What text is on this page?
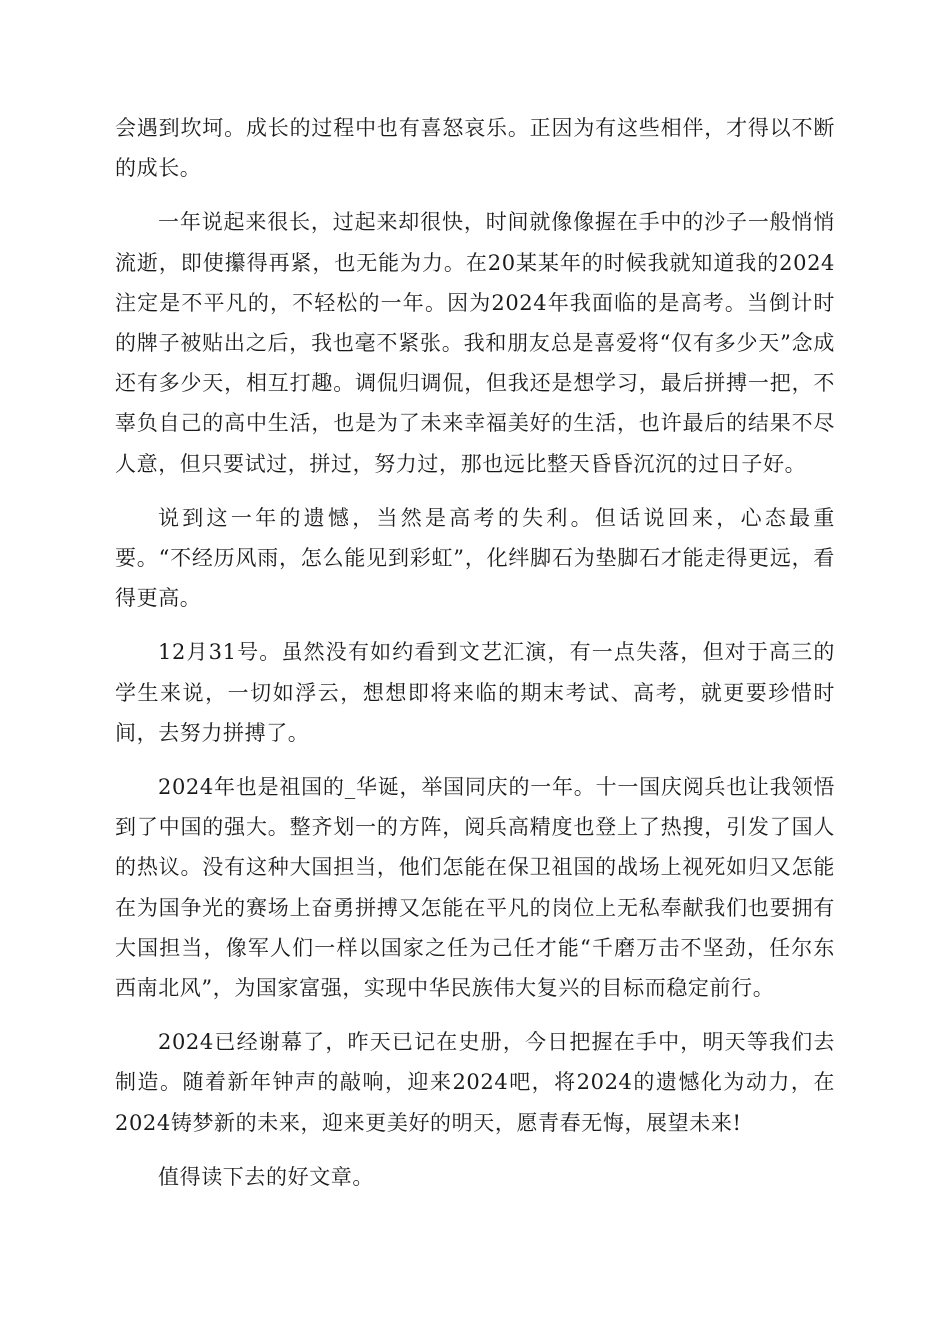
会遇到坎坷。成长的过程中也有喜怒哀乐。正因为有这些相伴，才得以不断的成长。

一年说起来很长，过起来却很快，时间就像像握在手中的沙子一般悄悄流逝，即使攥得再紧，也无能为力。在20某某年的时候我就知道我的2024注定是不平凡的，不轻松的一年。因为2024年我面临的是高考。当倒计时的牌子被贴出之后，我也毫不紧张。我和朋友总是喜爱将“仅有多少天”念成还有多少天，相互打趣。调侃归调侃，但我还是想学习，最后拼搏一把，不辜负自己的高中生活，也是为了未来幸福美好的生活，也许最后的结果不尽人意，但只要试过，拼过，努力过，那也远比整天昏昏沉沉的过日子好。

说到这一年的遗憾，当然是高考的失利。但话说回来，心态最重要。“不经历风雨，怎么能见到彩虹”，化绊脚石为垫脚石才能走得更远，看得更高。

12月31号。虽然没有如约看到文艺汇演，有一点失落，但对于高三的学生来说，一切如浮云，想想即将来临的期末考试、高考，就更要珍惜时间，去努力拼搏了。

2024年也是祖国的_华诞，举国同庆的一年。十一国庆阅兵也让我领悟到了中国的强大。整齐划一的方阵，阅兵高精度也登上了热搜，引发了国人的热议。没有这种大国担当，他们怎能在保卫祖国的战场上视死如归又怎能在为国争光的赛场上奋勇拼搏又怎能在平凡的岗位上无私奉献我们也要拥有大国担当，像军人们一样以国家之任为己任才能“千磨万击不坚劲，任尔东西南北风”，为国家富强，实现中华民族伟大复兴的目标而稳定前行。

2024已经谢幕了，昨天已记在史册，今日把握在手中，明天等我们去制造。随着新年钟声的敲响，迎来2024吧，将2024的遗憾化为动力，在2024铸梦新的未来，迎来更美好的明天，愿青春无悔，展望未来!

值得读下去的好文章。
